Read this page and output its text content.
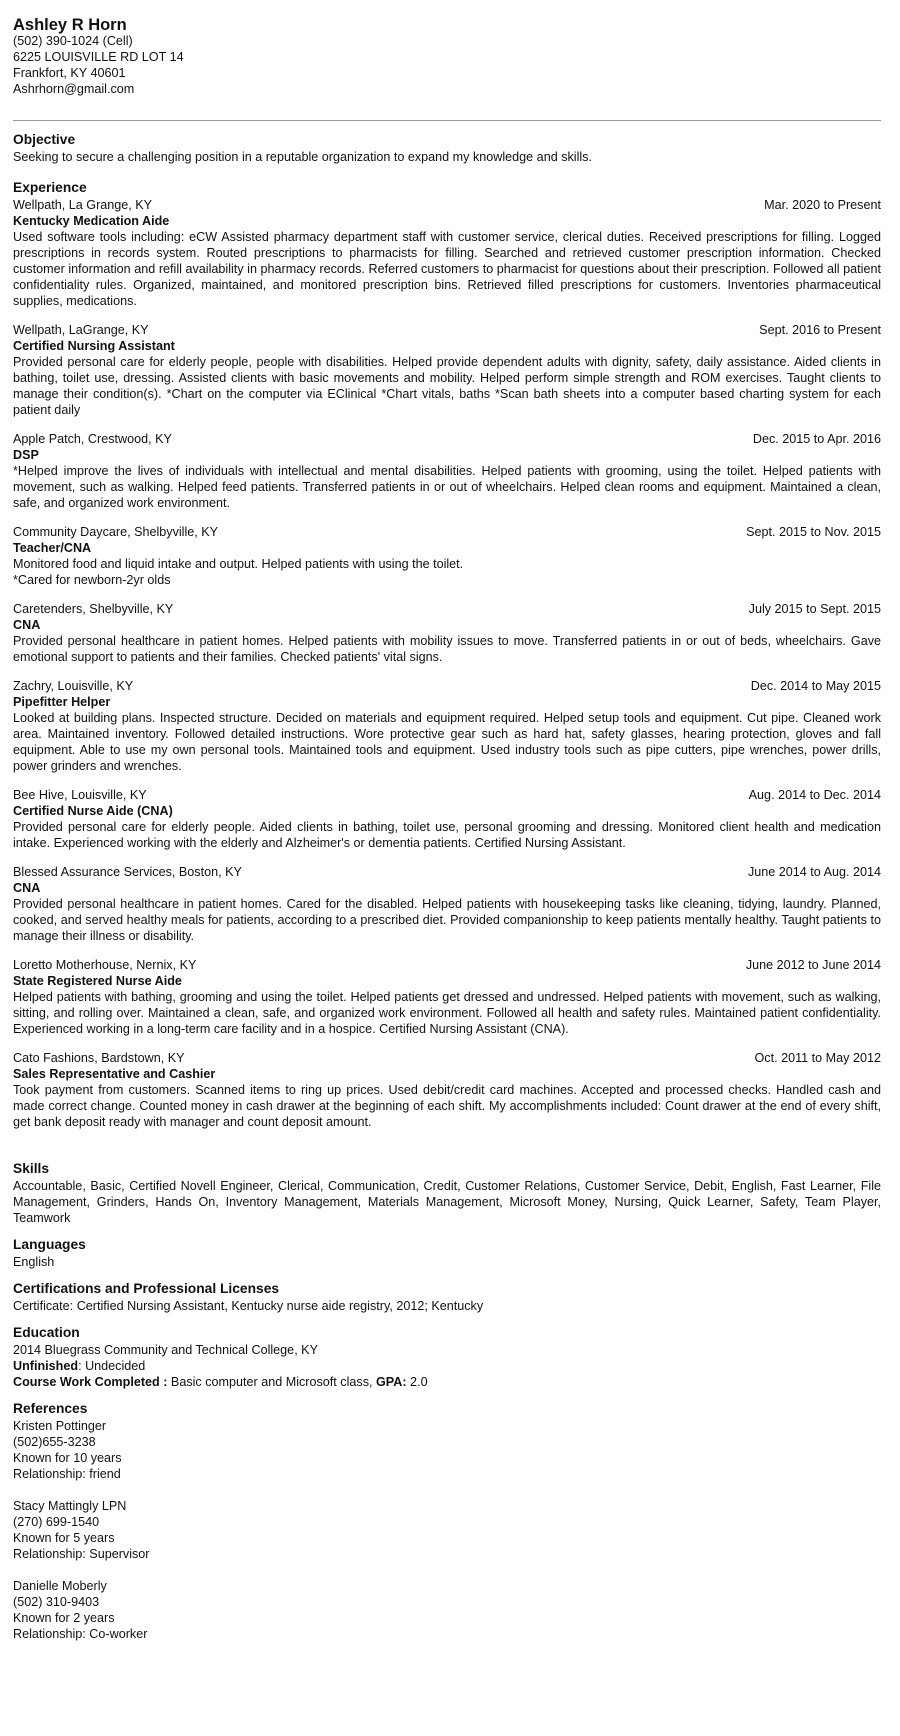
Ashley R Horn
(502) 390-1024 (Cell)
6225 LOUISVILLE RD LOT 14
Frankfort, KY 40601
Ashrhorn@gmail.com
Objective
Seeking to secure a challenging position in a reputable organization to expand my knowledge and skills.
Experience
Wellpath, La Grange, KY	Mar. 2020 to Present
Kentucky Medication Aide
Used software tools including: eCW Assisted pharmacy department staff with customer service, clerical duties. Received prescriptions for filling. Logged prescriptions in records system. Routed prescriptions to pharmacists for filling. Searched and retrieved customer prescription information. Checked customer information and refill availability in pharmacy records. Referred customers to pharmacist for questions about their prescription. Followed all patient confidentiality rules. Organized, maintained, and monitored prescription bins. Retrieved filled prescriptions for customers. Inventories pharmaceutical supplies, medications.
Wellpath, LaGrange, KY	Sept. 2016 to Present
Certified Nursing Assistant
Provided personal care for elderly people, people with disabilities. Helped provide dependent adults with dignity, safety, daily assistance. Aided clients in bathing, toilet use, dressing. Assisted clients with basic movements and mobility. Helped perform simple strength and ROM exercises. Taught clients to manage their condition(s). *Chart on the computer via EClinical *Chart vitals, baths *Scan bath sheets into a computer based charting system for each patient daily
Apple Patch, Crestwood, KY	Dec. 2015 to Apr. 2016
DSP
*Helped improve the lives of individuals with intellectual and mental disabilities. Helped patients with grooming, using the toilet. Helped patients with movement, such as walking. Helped feed patients. Transferred patients in or out of wheelchairs. Helped clean rooms and equipment. Maintained a clean, safe, and organized work environment.
Community Daycare, Shelbyville, KY	Sept. 2015 to Nov. 2015
Teacher/CNA
Monitored food and liquid intake and output. Helped patients with using the toilet.
*Cared for newborn-2yr olds
Caretenders, Shelbyville, KY	July 2015 to Sept. 2015
CNA
Provided personal healthcare in patient homes. Helped patients with mobility issues to move. Transferred patients in or out of beds, wheelchairs. Gave emotional support to patients and their families. Checked patients' vital signs.
Zachry, Louisville, KY	Dec. 2014 to May 2015
Pipefitter Helper
Looked at building plans. Inspected structure. Decided on materials and equipment required. Helped setup tools and equipment. Cut pipe. Cleaned work area. Maintained inventory. Followed detailed instructions. Wore protective gear such as hard hat, safety glasses, hearing protection, gloves and fall equipment. Able to use my own personal tools. Maintained tools and equipment. Used industry tools such as pipe cutters, pipe wrenches, power drills, power grinders and wrenches.
Bee Hive, Louisville, KY	Aug. 2014 to Dec. 2014
Certified Nurse Aide (CNA)
Provided personal care for elderly people. Aided clients in bathing, toilet use, personal grooming and dressing. Monitored client health and medication intake. Experienced working with the elderly and Alzheimer's or dementia patients. Certified Nursing Assistant.
Blessed Assurance Services, Boston, KY	June 2014 to Aug. 2014
CNA
Provided personal healthcare in patient homes. Cared for the disabled. Helped patients with housekeeping tasks like cleaning, tidying, laundry. Planned, cooked, and served healthy meals for patients, according to a prescribed diet. Provided companionship to keep patients mentally healthy. Taught patients to manage their illness or disability.
Loretto Motherhouse, Nernix, KY	June 2012 to June 2014
State Registered Nurse Aide
Helped patients with bathing, grooming and using the toilet. Helped patients get dressed and undressed. Helped patients with movement, such as walking, sitting, and rolling over. Maintained a clean, safe, and organized work environment. Followed all health and safety rules. Maintained patient confidentiality. Experienced working in a long-term care facility and in a hospice. Certified Nursing Assistant (CNA).
Cato Fashions, Bardstown, KY	Oct. 2011 to May 2012
Sales Representative and Cashier
Took payment from customers. Scanned items to ring up prices. Used debit/credit card machines. Accepted and processed checks. Handled cash and made correct change. Counted money in cash drawer at the beginning of each shift. My accomplishments included: Count drawer at the end of every shift, get bank deposit ready with manager and count deposit amount.
Skills
Accountable, Basic, Certified Novell Engineer, Clerical, Communication, Credit, Customer Relations, Customer Service, Debit, English, Fast Learner, File Management, Grinders, Hands On, Inventory Management, Materials Management, Microsoft Money, Nursing, Quick Learner, Safety, Team Player, Teamwork
Languages
English
Certifications and Professional Licenses
Certificate: Certified Nursing Assistant, Kentucky nurse aide registry, 2012; Kentucky
Education
2014 Bluegrass Community and Technical College, KY
Unfinished: Undecided
Course Work Completed : Basic computer and Microsoft class, GPA: 2.0
References
Kristen Pottinger
(502)655-3238
Known for 10 years
Relationship: friend
Stacy Mattingly LPN
(270) 699-1540
Known for 5 years
Relationship: Supervisor
Danielle Moberly
(502) 310-9403
Known for 2 years
Relationship: Co-worker
